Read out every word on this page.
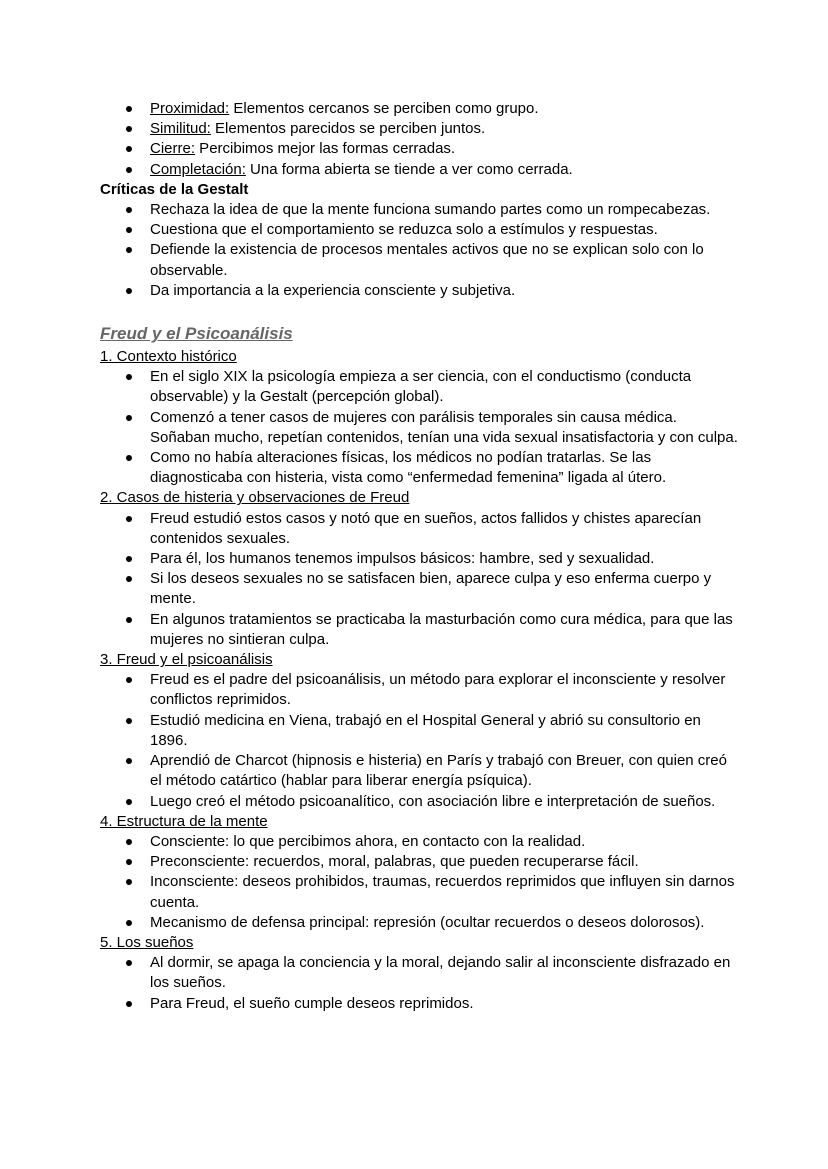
Proximidad: Elementos cercanos se perciben como grupo.
Similitud: Elementos parecidos se perciben juntos.
Cierre: Percibimos mejor las formas cerradas.
Completación: Una forma abierta se tiende a ver como cerrada.
Críticas de la Gestalt
Rechaza la idea de que la mente funciona sumando partes como un rompecabezas.
Cuestiona que el comportamiento se reduzca solo a estímulos y respuestas.
Defiende la existencia de procesos mentales activos que no se explican solo con lo observable.
Da importancia a la experiencia consciente y subjetiva.
Freud y el Psicoanálisis
1. Contexto histórico
En el siglo XIX la psicología empieza a ser ciencia, con el conductismo (conducta observable) y la Gestalt (percepción global).
Comenzó a tener casos de mujeres con parálisis temporales sin causa médica. Soñaban mucho, repetían contenidos, tenían una vida sexual insatisfactoria y con culpa.
Como no había alteraciones físicas, los médicos no podían tratarlas. Se las diagnosticaba con histeria, vista como “enfermedad femenina” ligada al útero.
2. Casos de histeria y observaciones de Freud
Freud estudió estos casos y notó que en sueños, actos fallidos y chistes aparecían contenidos sexuales.
Para él, los humanos tenemos impulsos básicos: hambre, sed y sexualidad.
Si los deseos sexuales no se satisfacen bien, aparece culpa y eso enferma cuerpo y mente.
En algunos tratamientos se practicaba la masturbación como cura médica, para que las mujeres no sintieran culpa.
3. Freud y el psicoanálisis
Freud es el padre del psicoanálisis, un método para explorar el inconsciente y resolver conflictos reprimidos.
Estudió medicina en Viena, trabajó en el Hospital General y abrió su consultorio en 1896.
Aprendió de Charcot (hipnosis e histeria) en París y trabajó con Breuer, con quien creó el método catártico (hablar para liberar energía psíquica).
Luego creó el método psicoanalítico, con asociación libre e interpretación de sueños.
4. Estructura de la mente
Consciente: lo que percibimos ahora, en contacto con la realidad.
Preconsciente: recuerdos, moral, palabras, que pueden recuperarse fácil.
Inconsciente: deseos prohibidos, traumas, recuerdos reprimidos que influyen sin darnos cuenta.
Mecanismo de defensa principal: represión (ocultar recuerdos o deseos dolorosos).
5. Los sueños
Al dormir, se apaga la conciencia y la moral, dejando salir al inconsciente disfrazado en los sueños.
Para Freud, el sueño cumple deseos reprimidos.
